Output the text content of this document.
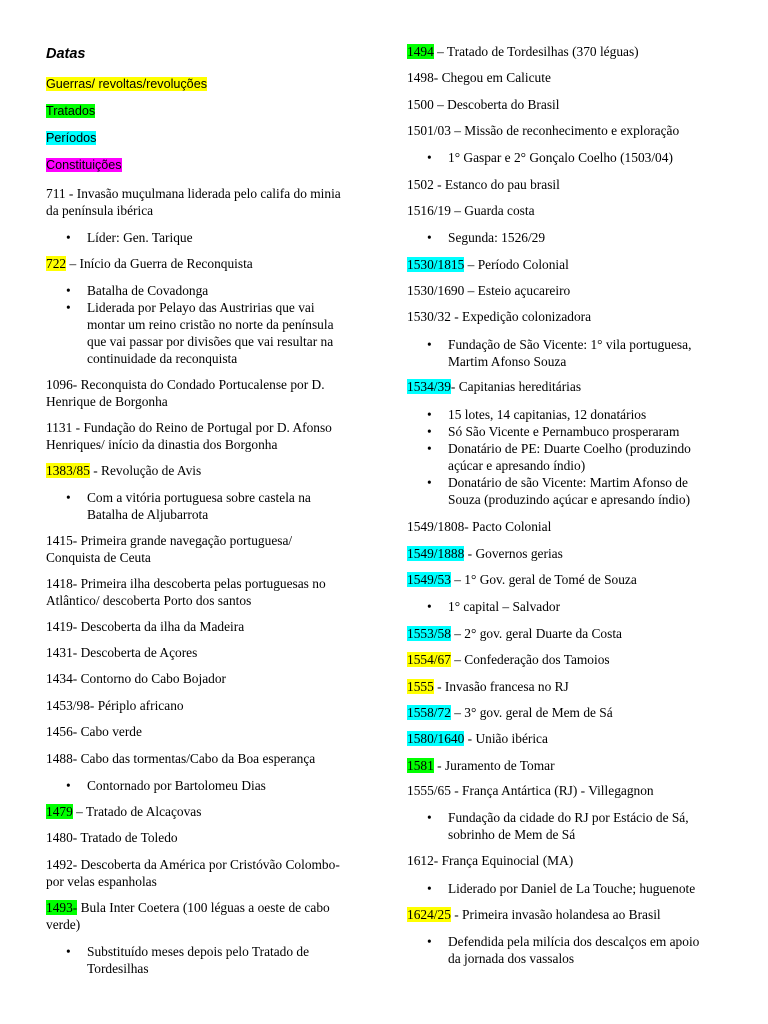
Datas
Guerras/ revoltas/revoluções
Tratados
Períodos
Constituições
711 - Invasão muçulmana liderada pelo califa do minia
da península ibérica
• Líder: Gen. Tarique
722 – Início da Guerra de Reconquista
• Batalha de Covadonga
• Liderada por Pelayo das Austririas que vai
montar um reino cristão no norte da península
que vai passar por divisões que vai resultar na
continuidade da reconquista
1096- Reconquista do Condado Portucalense por D.
Henrique de Borgonha
1131 - Fundação do Reino de Portugal por D. Afonso
Henriques/ início da dinastia dos Borgonha
1383/85 - Revolução de Avis
• Com a vitória portuguesa sobre castela na
Batalha de Aljubarrota
1415- Primeira grande navegação portuguesa/
Conquista de Ceuta
1418- Primeira ilha descoberta pelas portuguesas no
Atlântico/ descoberta Porto dos santos
1419- Descoberta da ilha da Madeira
1431- Descoberta de Açores
1434- Contorno do Cabo Bojador
1453/98- Périplo africano
1456- Cabo verde
1488- Cabo das tormentas/Cabo da Boa esperança
• Contornado por Bartolomeu Dias
1479 – Tratado de Alcaçovas
1480- Tratado de Toledo
1492- Descoberta da América por Cristóvão Colombo-
por velas espanholas
1493- Bula Inter Coetera (100 léguas a oeste de cabo
verde)
• Substituído meses depois pelo Tratado de
Tordesilhas
1494 – Tratado de Tordesilhas (370 léguas)
1498- Chegou em Calicute
1500 – Descoberta do Brasil
1501/03 – Missão de reconhecimento e exploração
• 1° Gaspar e 2° Gonçalo Coelho (1503/04)
1502 - Estanco do pau brasil
1516/19 – Guarda costa
• Segunda: 1526/29
1530/1815 – Período Colonial
1530/1690 – Esteio açucareiro
1530/32 - Expedição colonizadora
• Fundação de São Vicente: 1° vila portuguesa,
Martim Afonso Souza
1534/39- Capitanias hereditárias
• 15 lotes, 14 capitanias, 12 donatários
• Só São Vicente e Pernambuco prosperaram
• Donatário de PE: Duarte Coelho (produzindo
açúcar e apresando índio)
• Donatário de são Vicente: Martim Afonso de
Souza (produzindo açúcar e apresando índio)
1549/1808- Pacto Colonial
1549/1888 - Governos gerias
1549/53 – 1° Gov. geral de Tomé de Souza
• 1° capital – Salvador
1553/58 – 2° gov. geral Duarte da Costa
1554/67 – Confederação dos Tamoios
1555 - Invasão francesa no RJ
1558/72 – 3° gov. geral de Mem de Sá
1580/1640 - União ibérica
1581 - Juramento de Tomar
1555/65 - França Antártica (RJ) - Villegagnon
• Fundação da cidade do RJ por Estácio de Sá,
sobrinho de Mem de Sá
1612- França Equinocial (MA)
• Liderado por Daniel de La Touche; huguenote
1624/25 - Primeira invasão holandesa ao Brasil
• Defendida pela milícia dos descalços em apoio
da jornada dos vassalos
